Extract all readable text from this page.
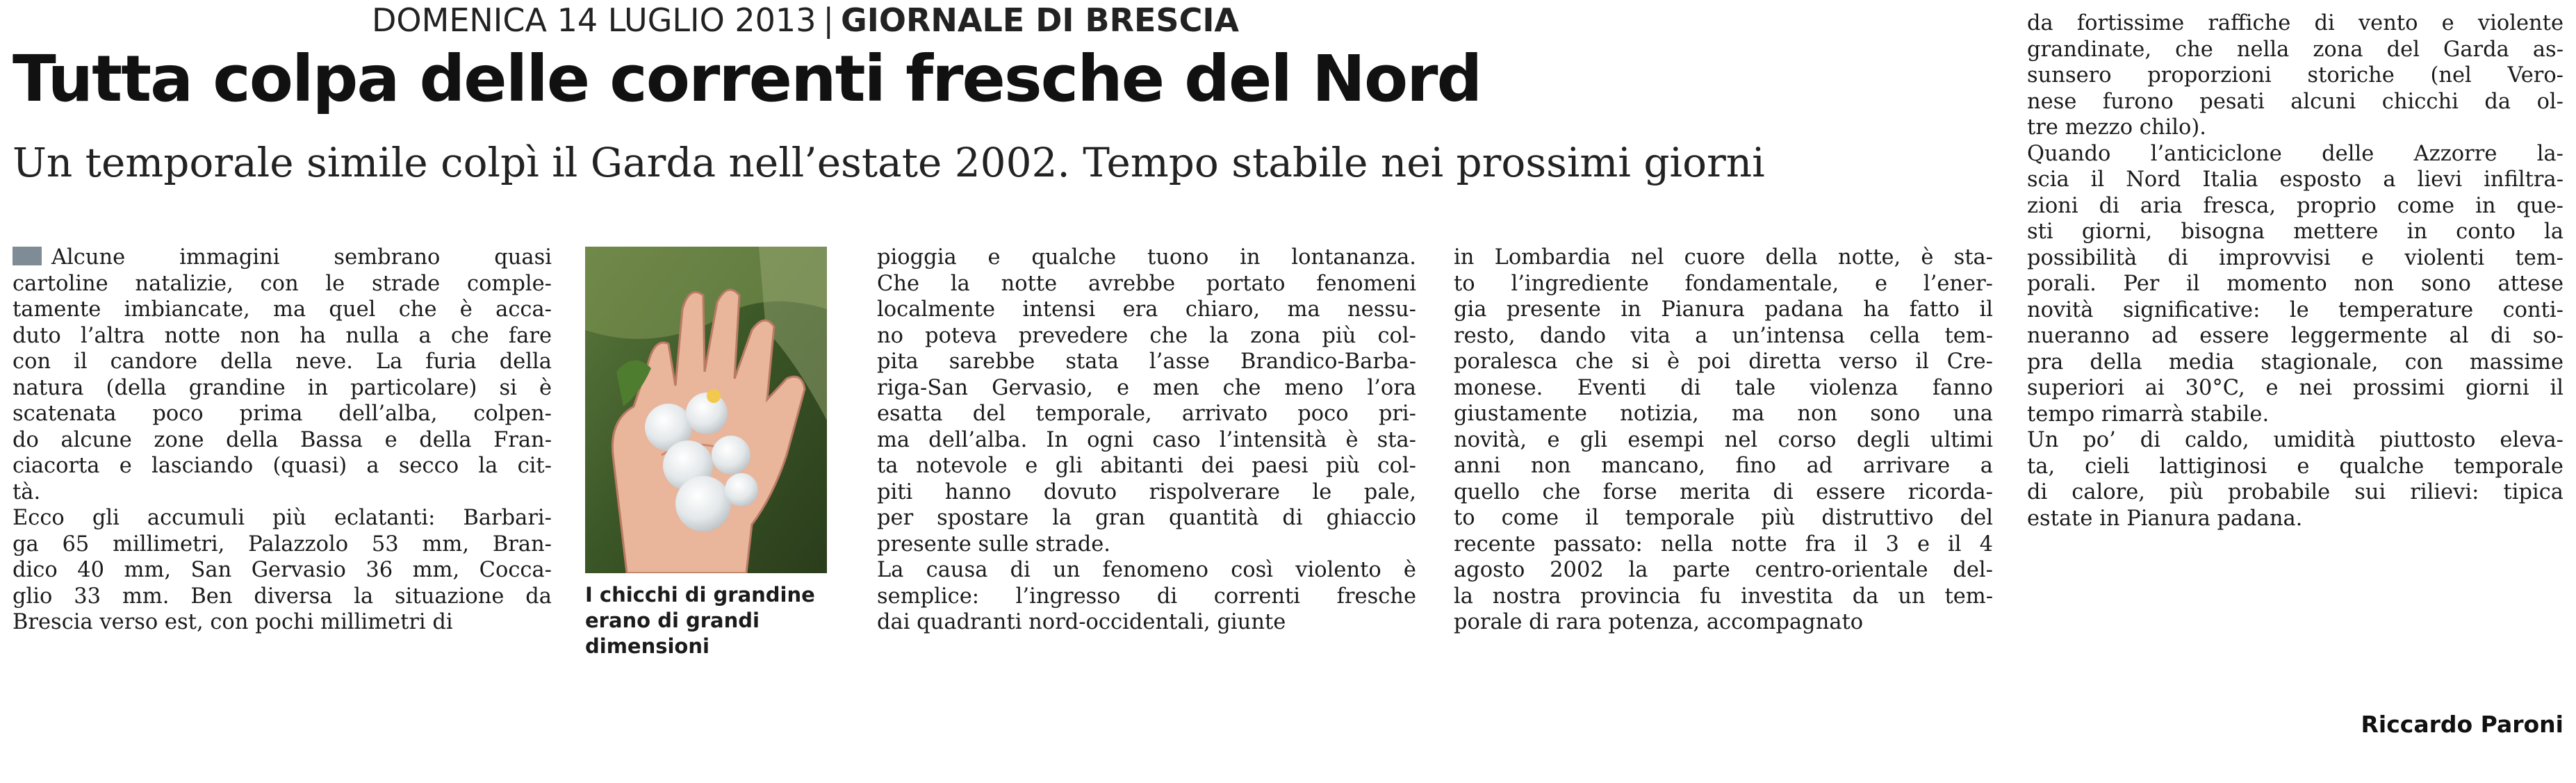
DOMENICA 14 LUGLIO 2013 | GIORNALE DI BRESCIA
Tutta colpa delle correnti fresche del Nord
Un temporale simile colpì il Garda nell’estate 2002. Tempo stabile nei prossimi giorni

Alcune immagini sembrano quasi
cartoline natalizie, con le strade comple-
tamente imbiancate, ma quel che è acca-
duto l’altra notte non ha nulla a che fare
con il candore della neve. La furia della
natura (della grandine in particolare) si è
scatenata poco prima dell’alba, colpen-
do alcune zone della Bassa e della Fran-
ciacorta e lasciando (quasi) a secco la cit-
tà.

Ecco gli accumuli più eclatanti: Barbari-
ga 65 millimetri, Palazzolo 53 mm, Bran-
dico 40 mm, San Gervasio 36 mm, Cocca-
glio 33 mm. Ben diversa la situazione da
Brescia verso est, con pochi millimetri di

I chicchi di grandine
erano di grandi
dimensioni

pioggia e qualche tuono in lontananza.
Che la notte avrebbe portato fenomeni
localmente intensi era chiaro, ma nessu-
no poteva prevedere che la zona più col-
pita sarebbe stata l’asse Brandico-Barba-
riga-San Gervasio, e men che meno l’ora
esatta del temporale, arrivato poco pri-
ma dell’alba. In ogni caso l’intensità è sta-
ta notevole e gli abitanti dei paesi più col-
piti hanno dovuto rispolverare le pale,
per spostare la gran quantità di ghiaccio
presente sulle strade.

La causa di un fenomeno così violento è
semplice: l’ingresso di correnti fresche
dai quadranti nord-occidentali, giunte

in Lombardia nel cuore della notte, è sta-
to l’ingrediente fondamentale, e l’ener-
gia presente in Pianura padana ha fatto il
resto, dando vita a un’intensa cella tem-
poralesca che si è poi diretta verso il Cre-
monese. Eventi di tale violenza fanno
giustamente notizia, ma non sono una
novità, e gli esempi nel corso degli ultimi
anni non mancano, fino ad arrivare a
quello che forse merita di essere ricorda-
to come il temporale più distruttivo del
recente passato: nella notte fra il 3 e il 4
agosto 2002 la parte centro-orientale del-
la nostra provincia fu investita da un tem-
porale di rara potenza, accompagnato

da fortissime raffiche di vento e violente
grandinate, che nella zona del Garda as-
sunsero proporzioni storiche (nel Vero-
nese furono pesati alcuni chicchi da ol-
tre mezzo chilo).

Quando l’anticiclone delle Azzorre la-
scia il Nord Italia esposto a lievi infiltra-
zioni di aria fresca, proprio come in que-
sti giorni, bisogna mettere in conto la
possibilità di improvvisi e violenti tem-
porali. Per il momento non sono attese
novità significative: le temperature conti-
nueranno ad essere leggermente al di so-
pra della media stagionale, con massime
superiori ai 30°C, e nei prossimi giorni il
tempo rimarrà stabile.

Un po’ di caldo, umidità piuttosto eleva-
ta, cieli lattiginosi e qualche temporale
di calore, più probabile sui rilievi: tipica
estate in Pianura padana.

Riccardo Paroni
